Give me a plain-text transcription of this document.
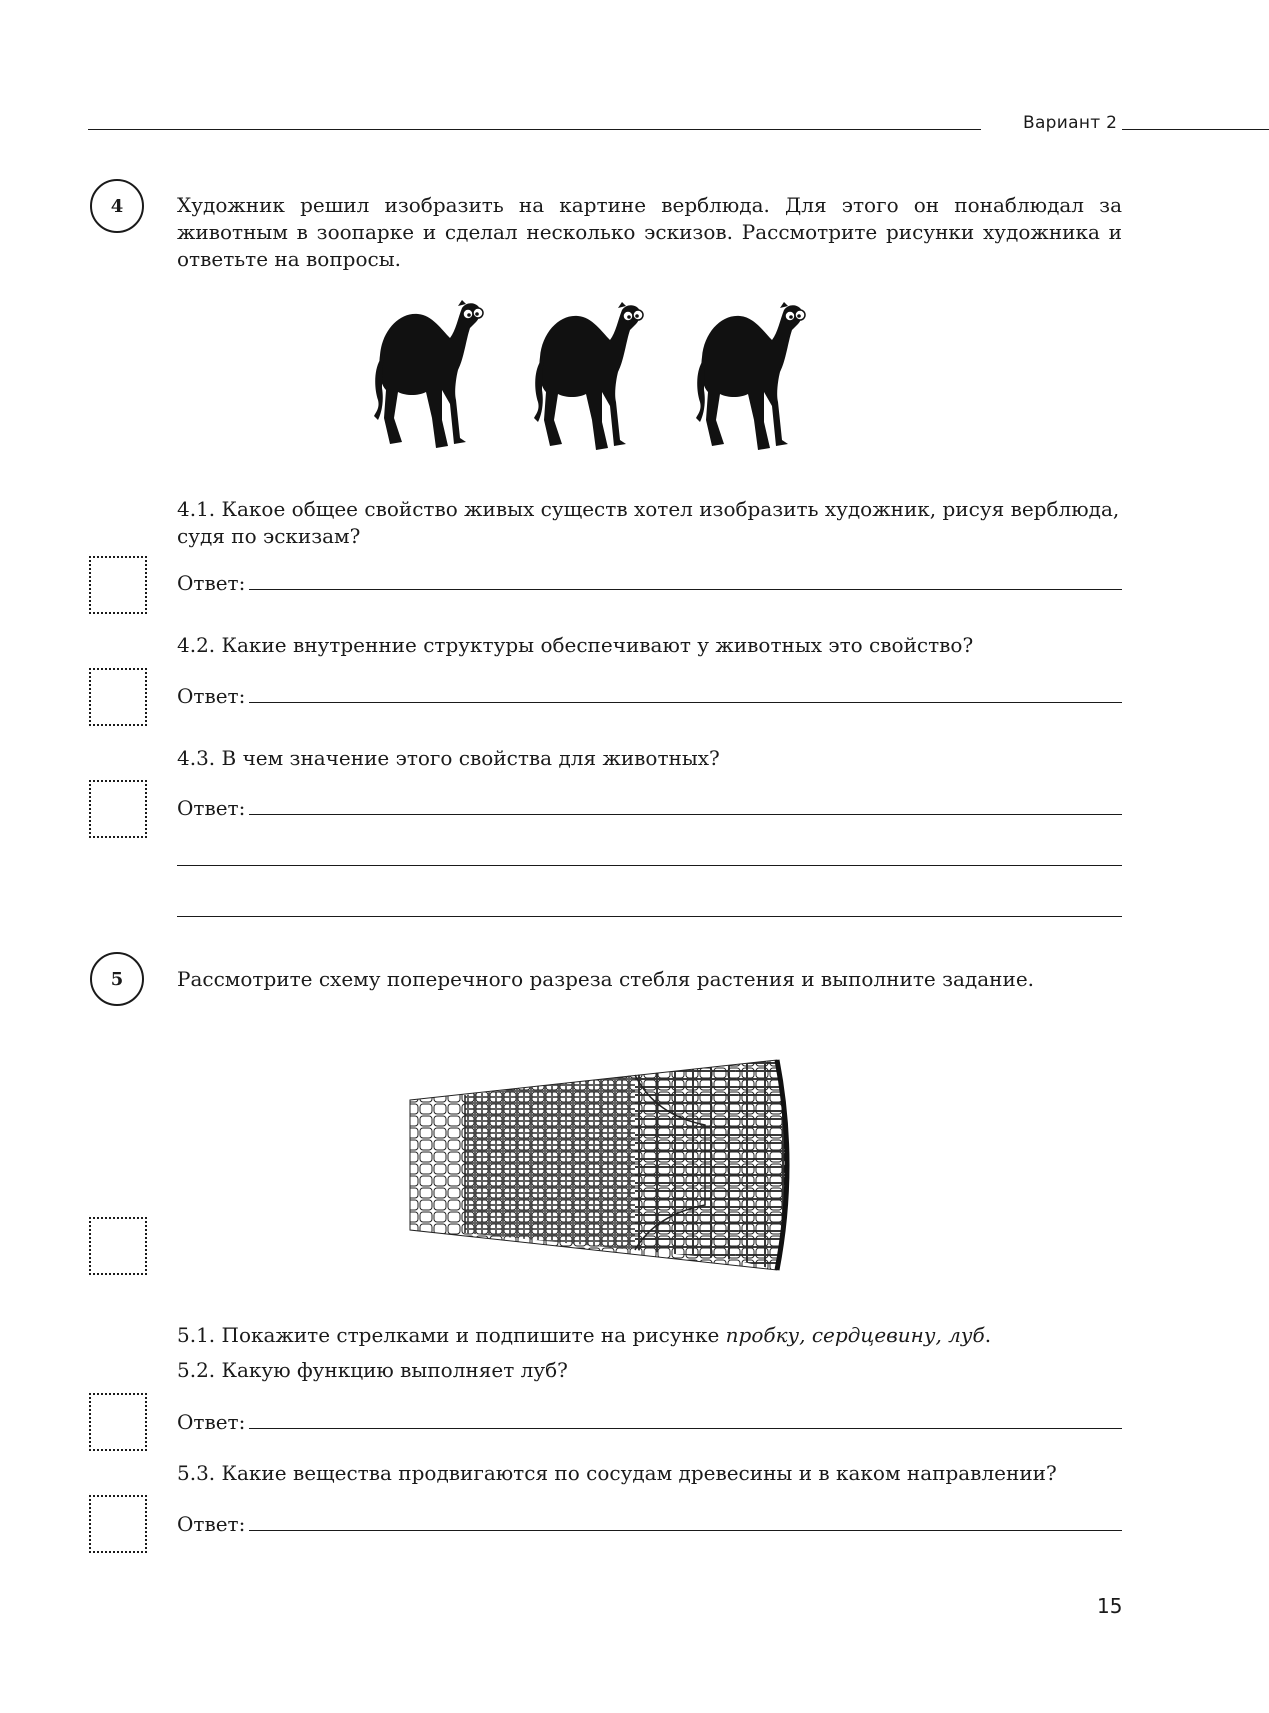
Вариант 2
4	Художник решил изобразить на картине верблюда. Для этого он понаблюдал за животным в зоопарке и сделал несколько эскизов. Рассмотрите рисунки художника и ответьте на вопросы.
4.1. Какое общее свойство живых существ хотел изобразить художник, рисуя верблюда, судя по эскизам?
Ответ:
4.2. Какие внутренние структуры обеспечивают у животных это свойство?
Ответ:
4.3. В чем значение этого свойства для животных?
Ответ:
5	Рассмотрите схему поперечного разреза стебля растения и выполните задание.
5.1. Покажите стрелками и подпишите на рисунке пробку, сердцевину, луб.
5.2. Какую функцию выполняет луб?
Ответ:
5.3. Какие вещества продвигаются по сосудам древесины и в каком направлении?
Ответ:
15
